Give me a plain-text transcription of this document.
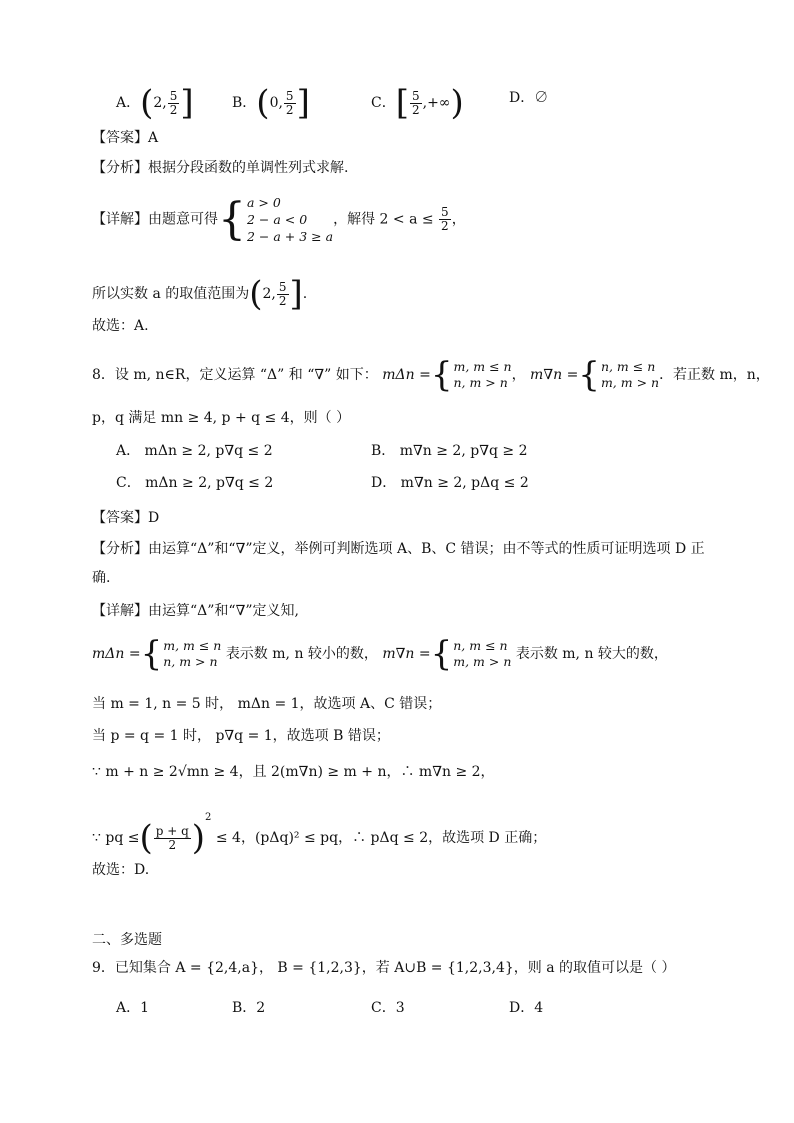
A．(2, $\frac{5}{2}$ ]	B．(0, $\frac{5}{2}$ ]	C．[ $\frac{5}{2}$ ,+∞)	D．∅
【答案】A
【分析】根据分段函数的单调性列式求解.
【详解】由题意可得{ a > 0
2 − a < 0
2 − a + 3 ≥ a
，解得 $2 < a \le \frac{5}{2}$ ，
所以实数 a 的取值范围为(2, $\frac{5}{2}$ ].
故选：A.
8．设 m, n∈R，定义运算 “Δ” 和 “∇” 如下： mΔn ={ m, m ≤ n
n, m > n ， m∇n ={ n, m ≤ n
m, m > n ．若正数 m，n，
p，q 满足 mn ≥ 4, p + q ≤ 4，则（ ）
A． mΔn ≥ 2, p∇q ≤ 2	B． m∇n ≥ 2, p∇q ≥ 2
C． mΔn ≥ 2, p∇q ≤ 2	D． m∇n ≥ 2, pΔq ≤ 2
【答案】D
【分析】由运算“Δ”和“∇”定义，举例可判断选项 A、B、C 错误；由不等式的性质可证明选项 D 正
确.
【详解】由运算“Δ”和“∇”定义知,
mΔn ={ m, m ≤ n
n, m > n 表示数 m, n 较小的数， m∇n ={ n, m ≤ n
m, m > n 表示数 m, n 较大的数，
当 m = 1, n = 5 时， mΔn = 1，故选项 A、C 错误；
当 p = q = 1 时， p∇q = 1，故选项 B 错误；
∵ m + n ≥ 2√mn ≥ 4，且 2(m∇n) ≥ m + n，∴ m∇n ≥ 2，
∵ pq ≤( $\frac{p + q}{2} )^2 \le 4$，(pΔq)² ≤ pq，∴ pΔq ≤ 2，故选项 D 正确；
故选：D.
二、多选题
9．已知集合 A = {2,4,a}， B = {1,2,3}，若 A∪B = {1,2,3,4}，则 a 的取值可以是（ ）
A．1	B．2	C．3	D．4
